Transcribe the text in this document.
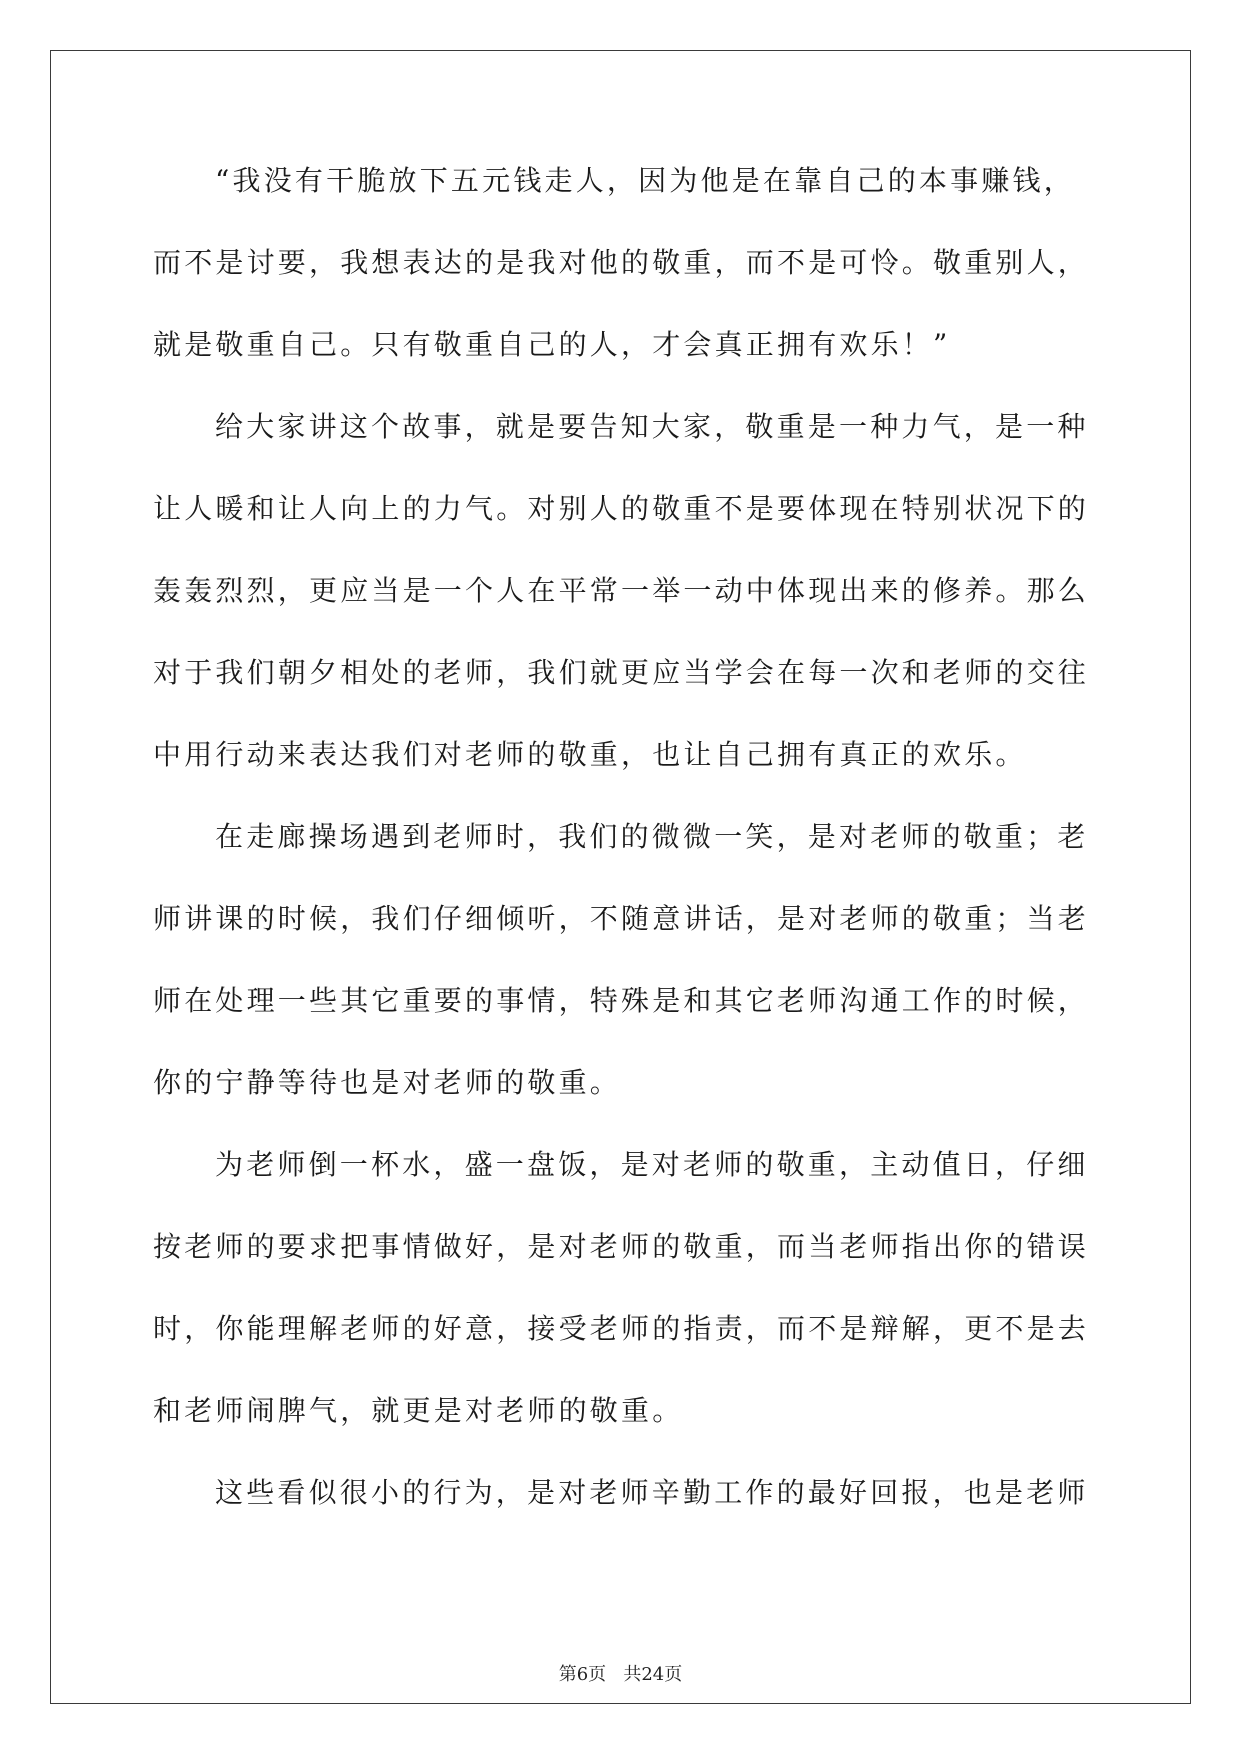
“我没有干脆放下五元钱走人，因为他是在靠自己的本事赚钱，
而不是讨要，我想表达的是我对他的敬重，而不是可怜。敬重别人，
就是敬重自己。只有敬重自己的人，才会真正拥有欢乐！”
给大家讲这个故事，就是要告知大家，敬重是一种力气，是一种
让人暖和让人向上的力气。对别人的敬重不是要体现在特别状况下的
轰轰烈烈，更应当是一个人在平常一举一动中体现出来的修养。那么
对于我们朝夕相处的老师，我们就更应当学会在每一次和老师的交往
中用行动来表达我们对老师的敬重，也让自己拥有真正的欢乐。
在走廊操场遇到老师时，我们的微微一笑，是对老师的敬重；老
师讲课的时候，我们仔细倾听，不随意讲话，是对老师的敬重；当老
师在处理一些其它重要的事情，特殊是和其它老师沟通工作的时候，
你的宁静等待也是对老师的敬重。
为老师倒一杯水，盛一盘饭，是对老师的敬重，主动值日，仔细
按老师的要求把事情做好，是对老师的敬重，而当老师指出你的错误
时，你能理解老师的好意，接受老师的指责，而不是辩解，更不是去
和老师闹脾气，就更是对老师的敬重。
这些看似很小的行为，是对老师辛勤工作的最好回报，也是老师
第6页 共24页
